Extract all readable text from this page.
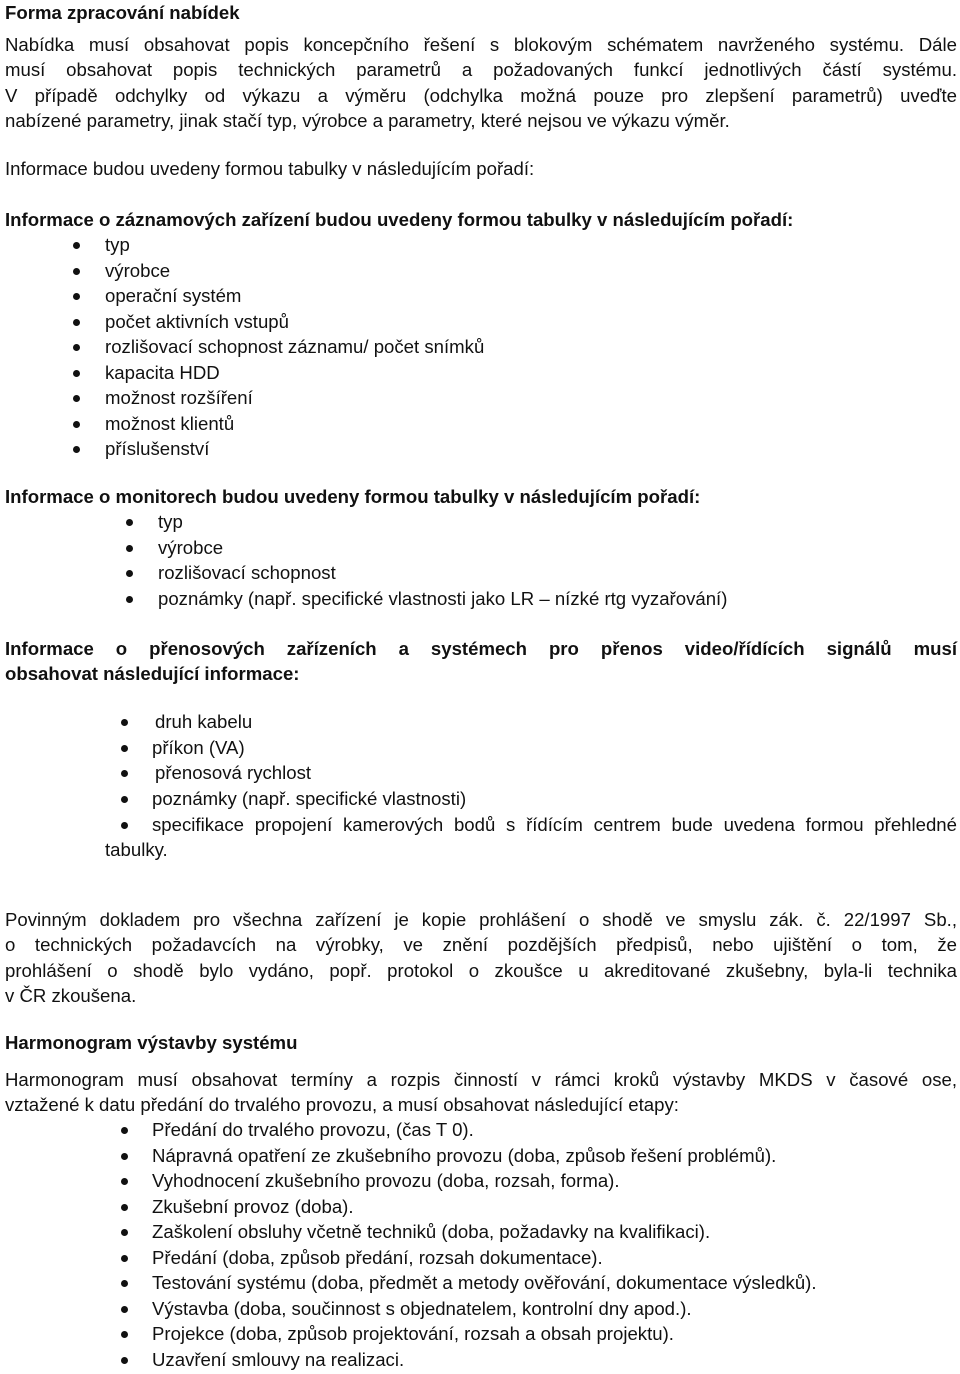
Forma zpracování nabídek
Nabídka musí obsahovat popis koncepčního řešení s blokovým schématem navrženého systému. Dále
musí obsahovat popis technických parametrů a požadovaných funkcí jednotlivých částí systému.
V případě odchylky od výkazu a výměru (odchylka možná pouze pro zlepšení parametrů) uveďte
nabízené parametry, jinak stačí typ, výrobce a parametry, které nejsou ve výkazu výměr.
Informace budou uvedeny formou tabulky v následujícím pořadí:
Informace o záznamových zařízení budou uvedeny formou tabulky v následujícím pořadí:
typ
výrobce
operační systém
počet aktivních vstupů
rozlišovací schopnost záznamu/ počet snímků
kapacita HDD
možnost rozšíření
možnost klientů
příslušenství
Informace o monitorech budou uvedeny formou tabulky v následujícím pořadí:
typ
výrobce
rozlišovací schopnost
poznámky (např. specifické vlastnosti jako LR – nízké rtg vyzařování)
Informace o přenosových zařízeních a systémech pro přenos video/řídících signálů musí
obsahovat následující informace:
druh kabelu
příkon (VA)
přenosová rychlost
poznámky (např. specifické vlastnosti)
specifikace propojení kamerových bodů s řídícím centrem bude uvedena formou přehledné tabulky.
Povinným dokladem pro všechna zařízení je kopie prohlášení o shodě ve smyslu zák. č. 22/1997 Sb.,
o technických požadavcích na výrobky, ve znění pozdějších předpisů, nebo ujištění o tom, že
prohlášení o shodě bylo vydáno, popř. protokol o zkoušce u akreditované zkušebny, byla-li technika
v ČR zkoušena.
Harmonogram výstavby systému
Harmonogram musí obsahovat termíny a rozpis činností v rámci kroků výstavby MKDS v časové ose,
vztažené k datu předání do trvalého provozu, a musí obsahovat následující etapy:
Předání do trvalého provozu, (čas T 0).
Nápravná opatření ze zkušebního provozu (doba, způsob řešení problémů).
Vyhodnocení zkušebního provozu (doba, rozsah, forma).
Zkušební provoz (doba).
Zaškolení obsluhy včetně techniků (doba, požadavky na kvalifikaci).
Předání (doba, způsob předání, rozsah dokumentace).
Testování systému (doba, předmět a metody ověřování, dokumentace výsledků).
Výstavba (doba, součinnost s objednatelem, kontrolní dny apod.).
Projekce (doba, způsob projektování, rozsah a obsah projektu).
Uzavření smlouvy na realizaci.
